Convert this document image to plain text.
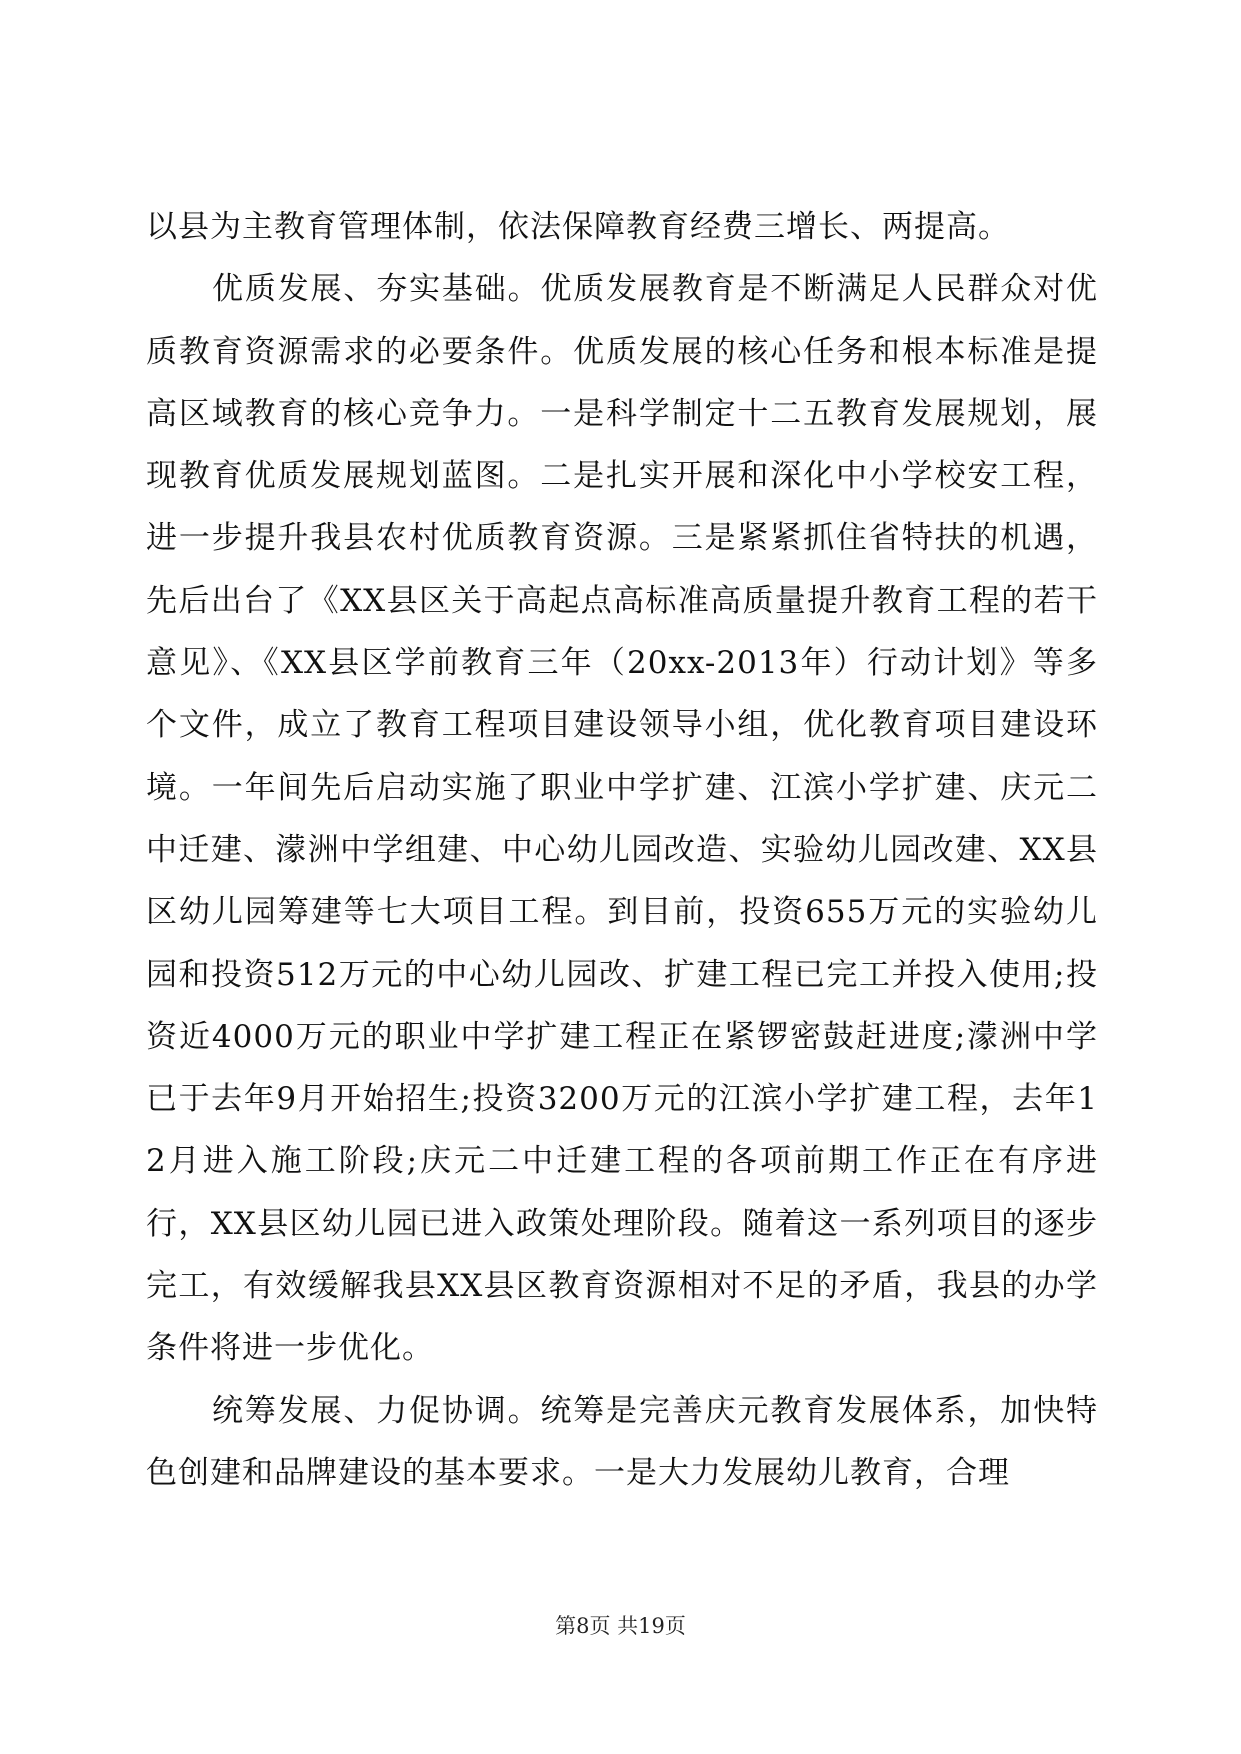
以县为主教育管理体制，依法保障教育经费三增长、两提高。

优质发展、夯实基础。优质发展教育是不断满足人民群众对优质教育资源需求的必要条件。优质发展的核心任务和根本标准是提高区域教育的核心竞争力。一是科学制定十二五教育发展规划，展现教育优质发展规划蓝图。二是扎实开展和深化中小学校安工程，进一步提升我县农村优质教育资源。三是紧紧抓住省特扶的机遇，先后出台了《XX县区关于高起点高标准高质量提升教育工程的若干意见》、《XX县区学前教育三年（20xx-2013年）行动计划》等多个文件，成立了教育工程项目建设领导小组，优化教育项目建设环境。一年间先后启动实施了职业中学扩建、江滨小学扩建、庆元二中迁建、濛洲中学组建、中心幼儿园改造、实验幼儿园改建、XX县区幼儿园筹建等七大项目工程。到目前，投资655万元的实验幼儿园和投资512万元的中心幼儿园改、扩建工程已完工并投入使用;投资近4000万元的职业中学扩建工程正在紧锣密鼓赶进度;濛洲中学已于去年9月开始招生;投资3200万元的江滨小学扩建工程，去年12月进入施工阶段;庆元二中迁建工程的各项前期工作正在有序进行，XX县区幼儿园已进入政策处理阶段。随着这一系列项目的逐步完工，有效缓解我县XX县区教育资源相对不足的矛盾，我县的办学条件将进一步优化。

统筹发展、力促协调。统筹是完善庆元教育发展体系，加快特色创建和品牌建设的基本要求。一是大力发展幼儿教育，合理

第8页 共19页
